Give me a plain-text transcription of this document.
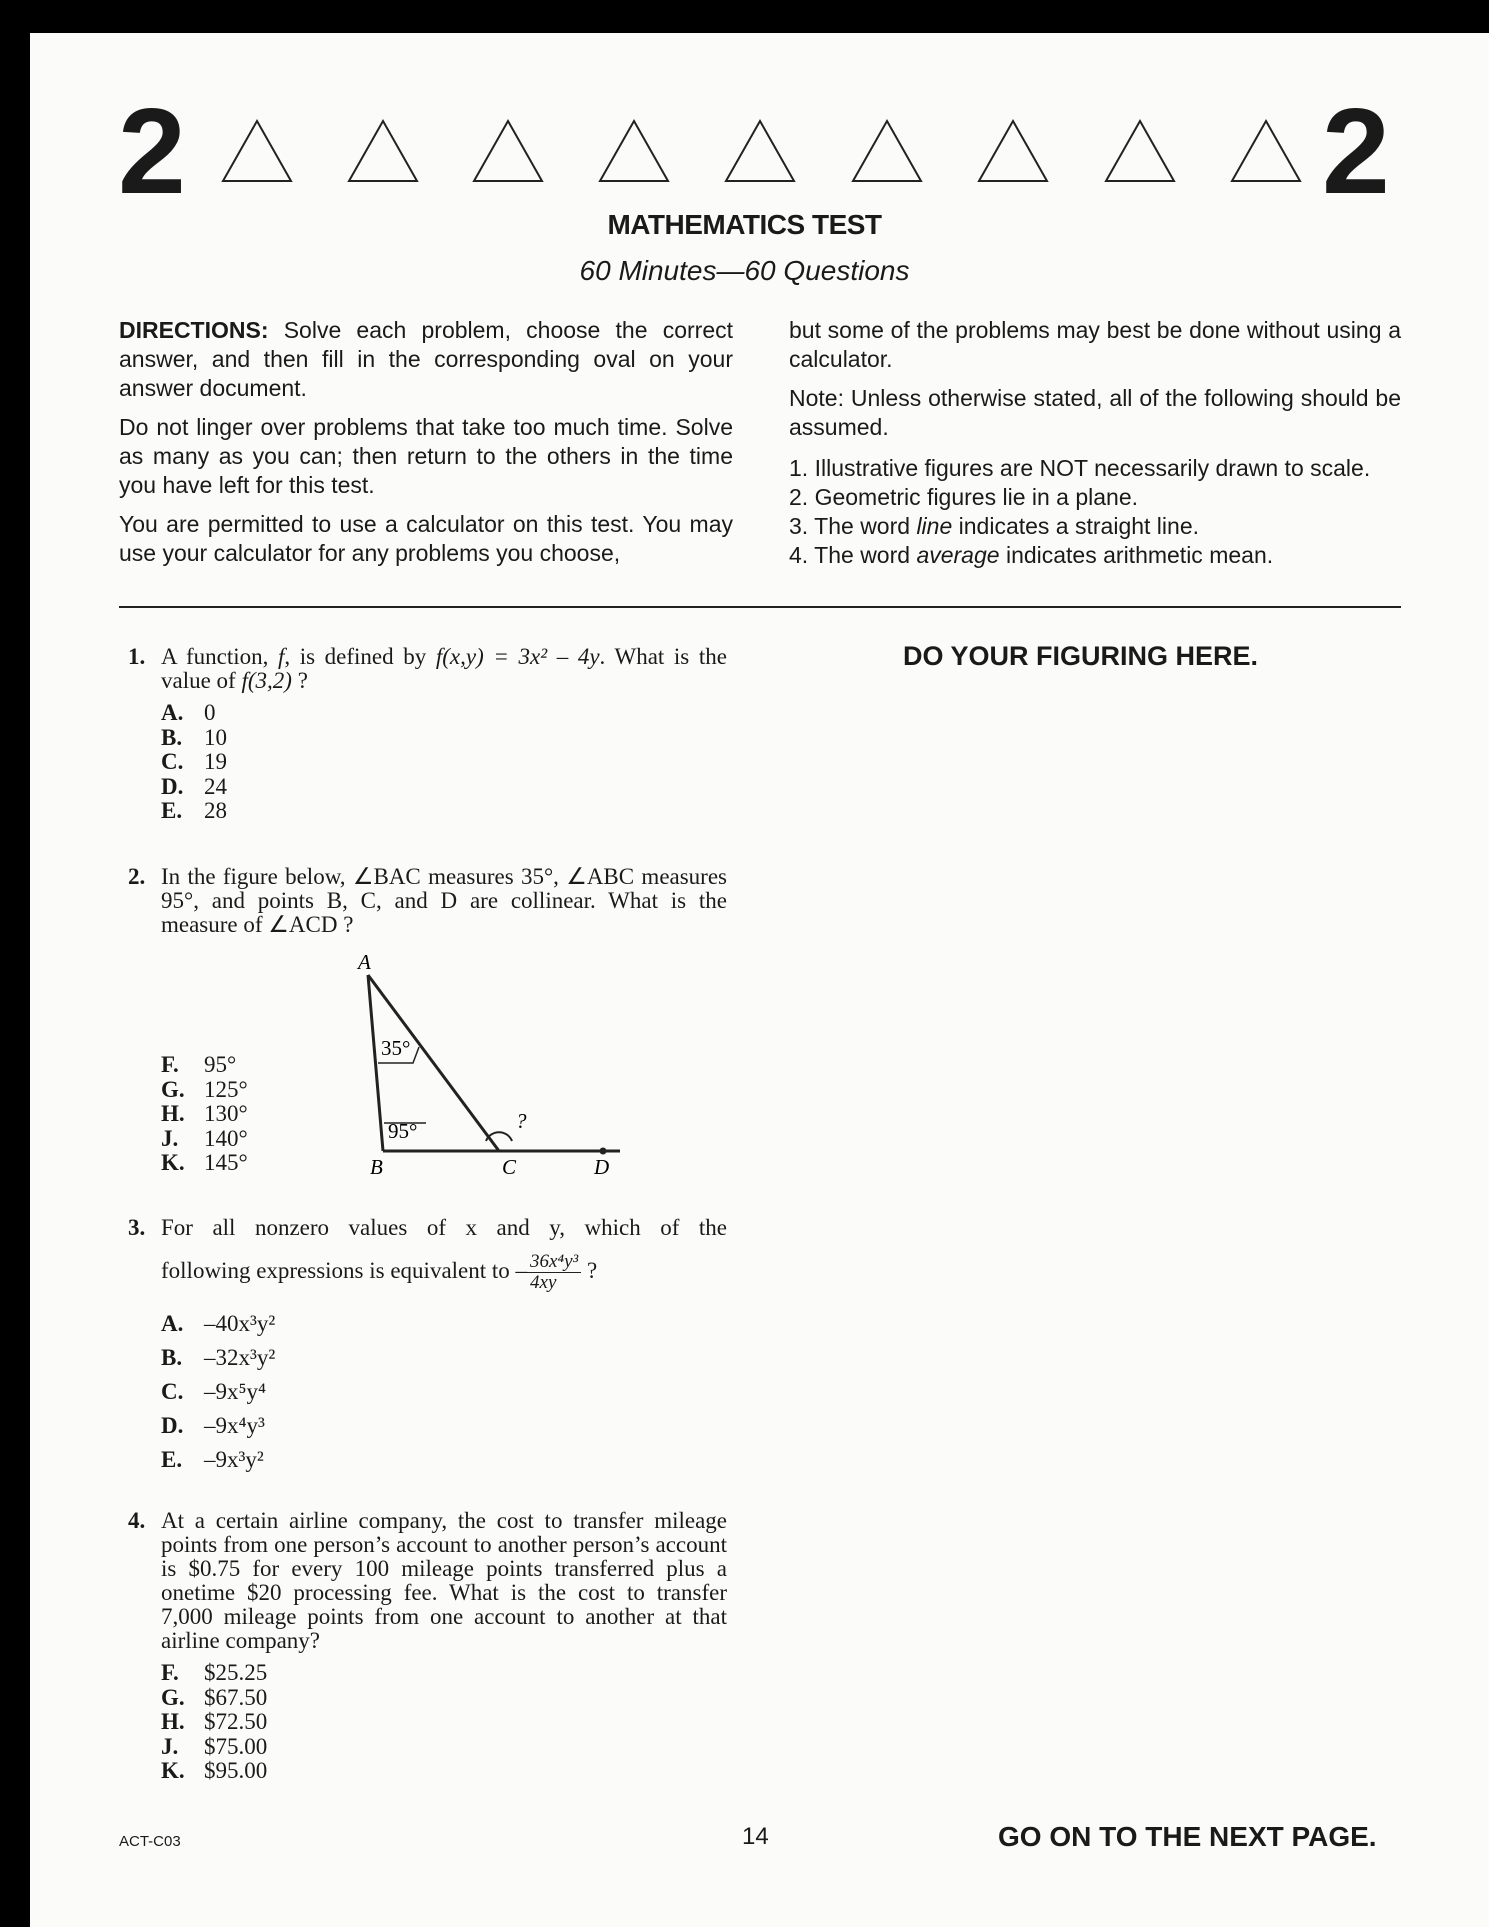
2	2
MATHEMATICS TEST
60 Minutes—60 Questions

DIRECTIONS: Solve each problem, choose the correct answer, and then fill in the corresponding oval on your answer document.

Do not linger over problems that take too much time. Solve as many as you can; then return to the others in the time you have left for this test.

You are permitted to use a calculator on this test. You may use your calculator for any problems you choose,

but some of the problems may best be done without using a calculator.

Note: Unless otherwise stated, all of the following should be assumed.

1. Illustrative figures are NOT necessarily drawn to scale.
2. Geometric figures lie in a plane.
3. The word line indicates a straight line.
4. The word average indicates arithmetic mean.
DO YOUR FIGURING HERE.
1. A function, f, is defined by f(x,y) = 3x² – 4y. What is the value of f(3,2) ?
A. 0
B. 10
C. 19
D. 24
E. 28
2. In the figure below, ∠BAC measures 35°, ∠ABC measures 95°, and points B, C, and D are collinear. What is the measure of ∠ACD ?
F.	95°
G. 125°
H. 130°
J.	140°
K. 145°
A
B	C	D
35°
95°	?
3. For all nonzero values of x and y, which of the
following expressions is equivalent to – $\frac{\text{36x⁴y³}}{4xy}$ ?
A. –40x³y²
B. –32x³y²
C. –9x⁵y⁴
D. –9x⁴y³
E. –9x³y²
4. At a certain airline company, the cost to transfer mileage points from one person’s account to another person’s account is $0.75 for every 100 mileage points transferred plus a onetime $20 processing fee. What is the cost to transfer 7,000 mileage points from one account to another at that airline company?
F.	$25.25
G. $67.50
H. $72.50
J.	$75.00
K. $95.00
ACT-C03	14	GO ON TO THE NEXT PAGE.
